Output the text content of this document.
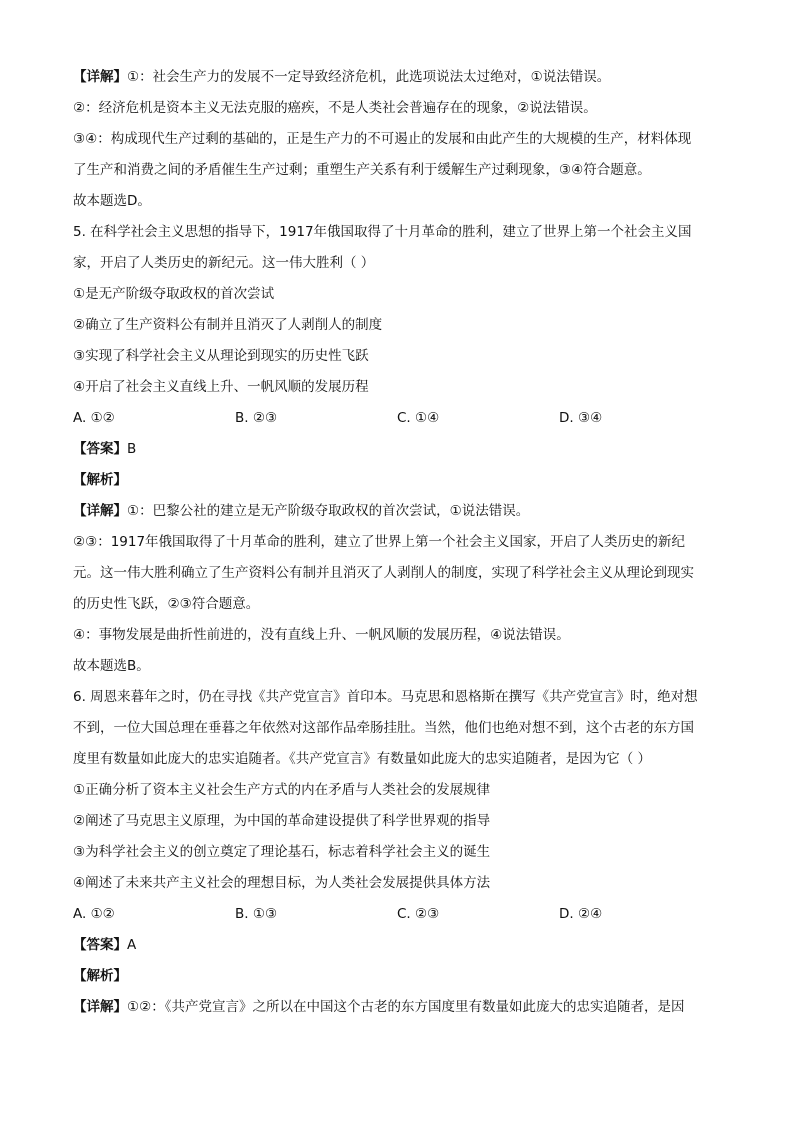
【详解】①：社会生产力的发展不一定导致经济危机，此选项说法太过绝对，①说法错误。
②：经济危机是资本主义无法克服的癌疾，不是人类社会普遍存在的现象，②说法错误。
③④：构成现代生产过剩的基础的，正是生产力的不可遏止的发展和由此产生的大规模的生产，材料体现
了生产和消费之间的矛盾催生生产过剩；重塑生产关系有利于缓解生产过剩现象，③④符合题意。
故本题选D。
5. 在科学社会主义思想的指导下，1917年俄国取得了十月革命的胜利，建立了世界上第一个社会主义国
家，开启了人类历史的新纪元。这一伟大胜利（ ）
①是无产阶级夺取政权的首次尝试
②确立了生产资料公有制并且消灭了人剥削人的制度
③实现了科学社会主义从理论到现实的历史性飞跃
④开启了社会主义直线上升、一帆风顺的发展历程
A. ①②	B. ②③	C. ①④	D. ③④
【答案】B
【解析】
【详解】①：巴黎公社的建立是无产阶级夺取政权的首次尝试，①说法错误。
②③：1917年俄国取得了十月革命的胜利，建立了世界上第一个社会主义国家，开启了人类历史的新纪
元。这一伟大胜利确立了生产资料公有制并且消灭了人剥削人的制度，实现了科学社会主义从理论到现实
的历史性飞跃，②③符合题意。
④：事物发展是曲折性前进的，没有直线上升、一帆风顺的发展历程，④说法错误。
故本题选B。
6. 周恩来暮年之时，仍在寻找《共产党宣言》首印本。马克思和恩格斯在撰写《共产党宣言》时，绝对想
不到，一位大国总理在垂暮之年依然对这部作品牵肠挂肚。当然，他们也绝对想不到，这个古老的东方国
度里有数量如此庞大的忠实追随者。《共产党宣言》有数量如此庞大的忠实追随者，是因为它（ ）
①正确分析了资本主义社会生产方式的内在矛盾与人类社会的发展规律
②阐述了马克思主义原理，为中国的革命建设提供了科学世界观的指导
③为科学社会主义的创立奠定了理论基石，标志着科学社会主义的诞生
④阐述了未来共产主义社会的理想目标，为人类社会发展提供具体方法
A. ①②	B. ①③	C. ②③	D. ②④
【答案】A
【解析】
【详解】①②：《共产党宣言》之所以在中国这个古老的东方国度里有数量如此庞大的忠实追随者，是因
